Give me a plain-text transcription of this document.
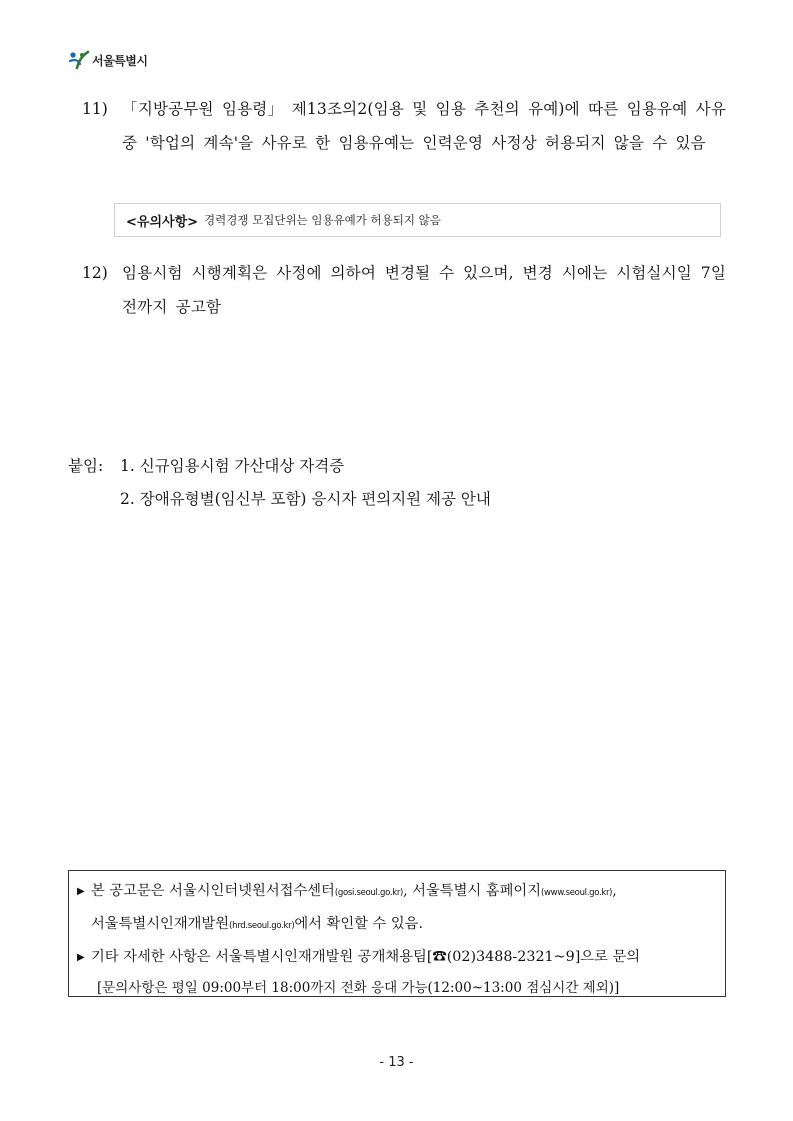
서울특별시
11) 「지방공무원 임용령」 제13조의2(임용 및 임용 추천의 유예)에 따른 임용유예 사유 중 '학업의 계속'을 사유로 한 임용유예는 인력운영 사정상 허용되지 않을 수 있음
<유의사항> 경력경쟁 모집단위는 임용유예가 허용되지 않음
12) 임용시험 시행계획은 사정에 의하여 변경될 수 있으며, 변경 시에는 시험실시일 7일 전까지 공고함
붙임:	1. 신규임용시험 가산대상 자격증
2. 장애유형별(임신부 포함) 응시자 편의지원 제공 안내
▶ 본 공고문은 서울시인터넷원서접수센터(gosi.seoul.go.kr), 서울특별시 홈페이지(www.seoul.go.kr),
서울특별시인재개발원(hrd.seoul.go.kr)에서 확인할 수 있음.
▶ 기타 자세한 사항은 서울특별시인재개발원 공개채용팀[☎(02)3488-2321~9]으로 문의
[문의사항은 평일 09:00부터 18:00까지 전화 응대 가능(12:00~13:00 점심시간 제외)]
- 13 -
